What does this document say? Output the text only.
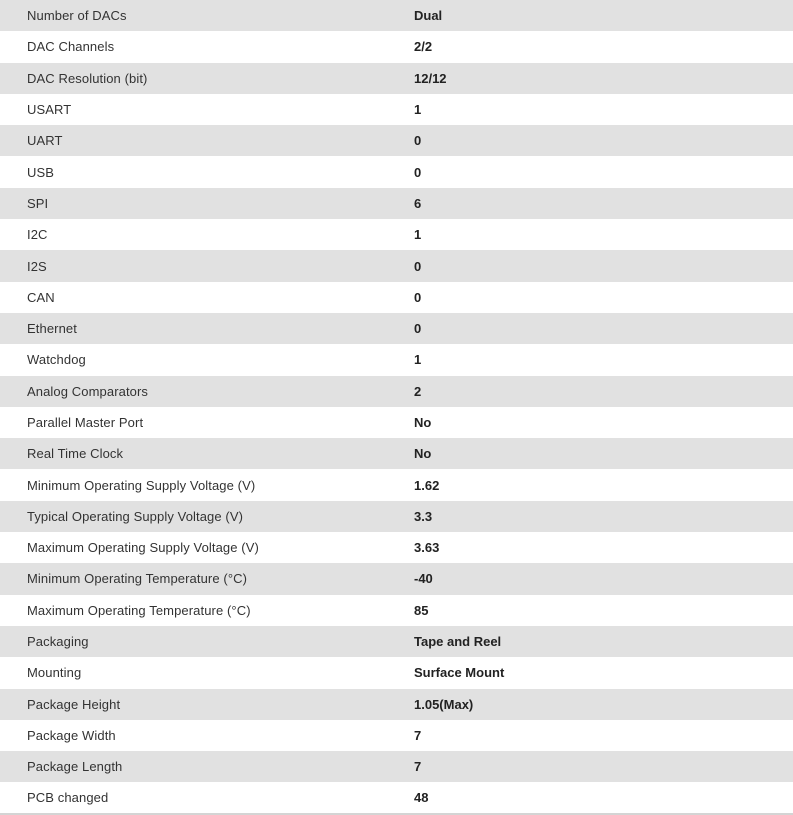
Number of DACs	Dual
DAC Channels	2/2
DAC Resolution (bit)	12/12
USART	1
UART	0
USB	0
SPI	6
I2C	1
I2S	0
CAN	0
Ethernet	0
Watchdog	1
Analog Comparators	2
Parallel Master Port	No
Real Time Clock	No
Minimum Operating Supply Voltage (V)	1.62
Typical Operating Supply Voltage (V)	3.3
Maximum Operating Supply Voltage (V)	3.63
Minimum Operating Temperature (°C)	-40
Maximum Operating Temperature (°C)	85
Packaging	Tape and Reel
Mounting	Surface Mount
Package Height	1.05(Max)
Package Width	7
Package Length	7
PCB changed	48
